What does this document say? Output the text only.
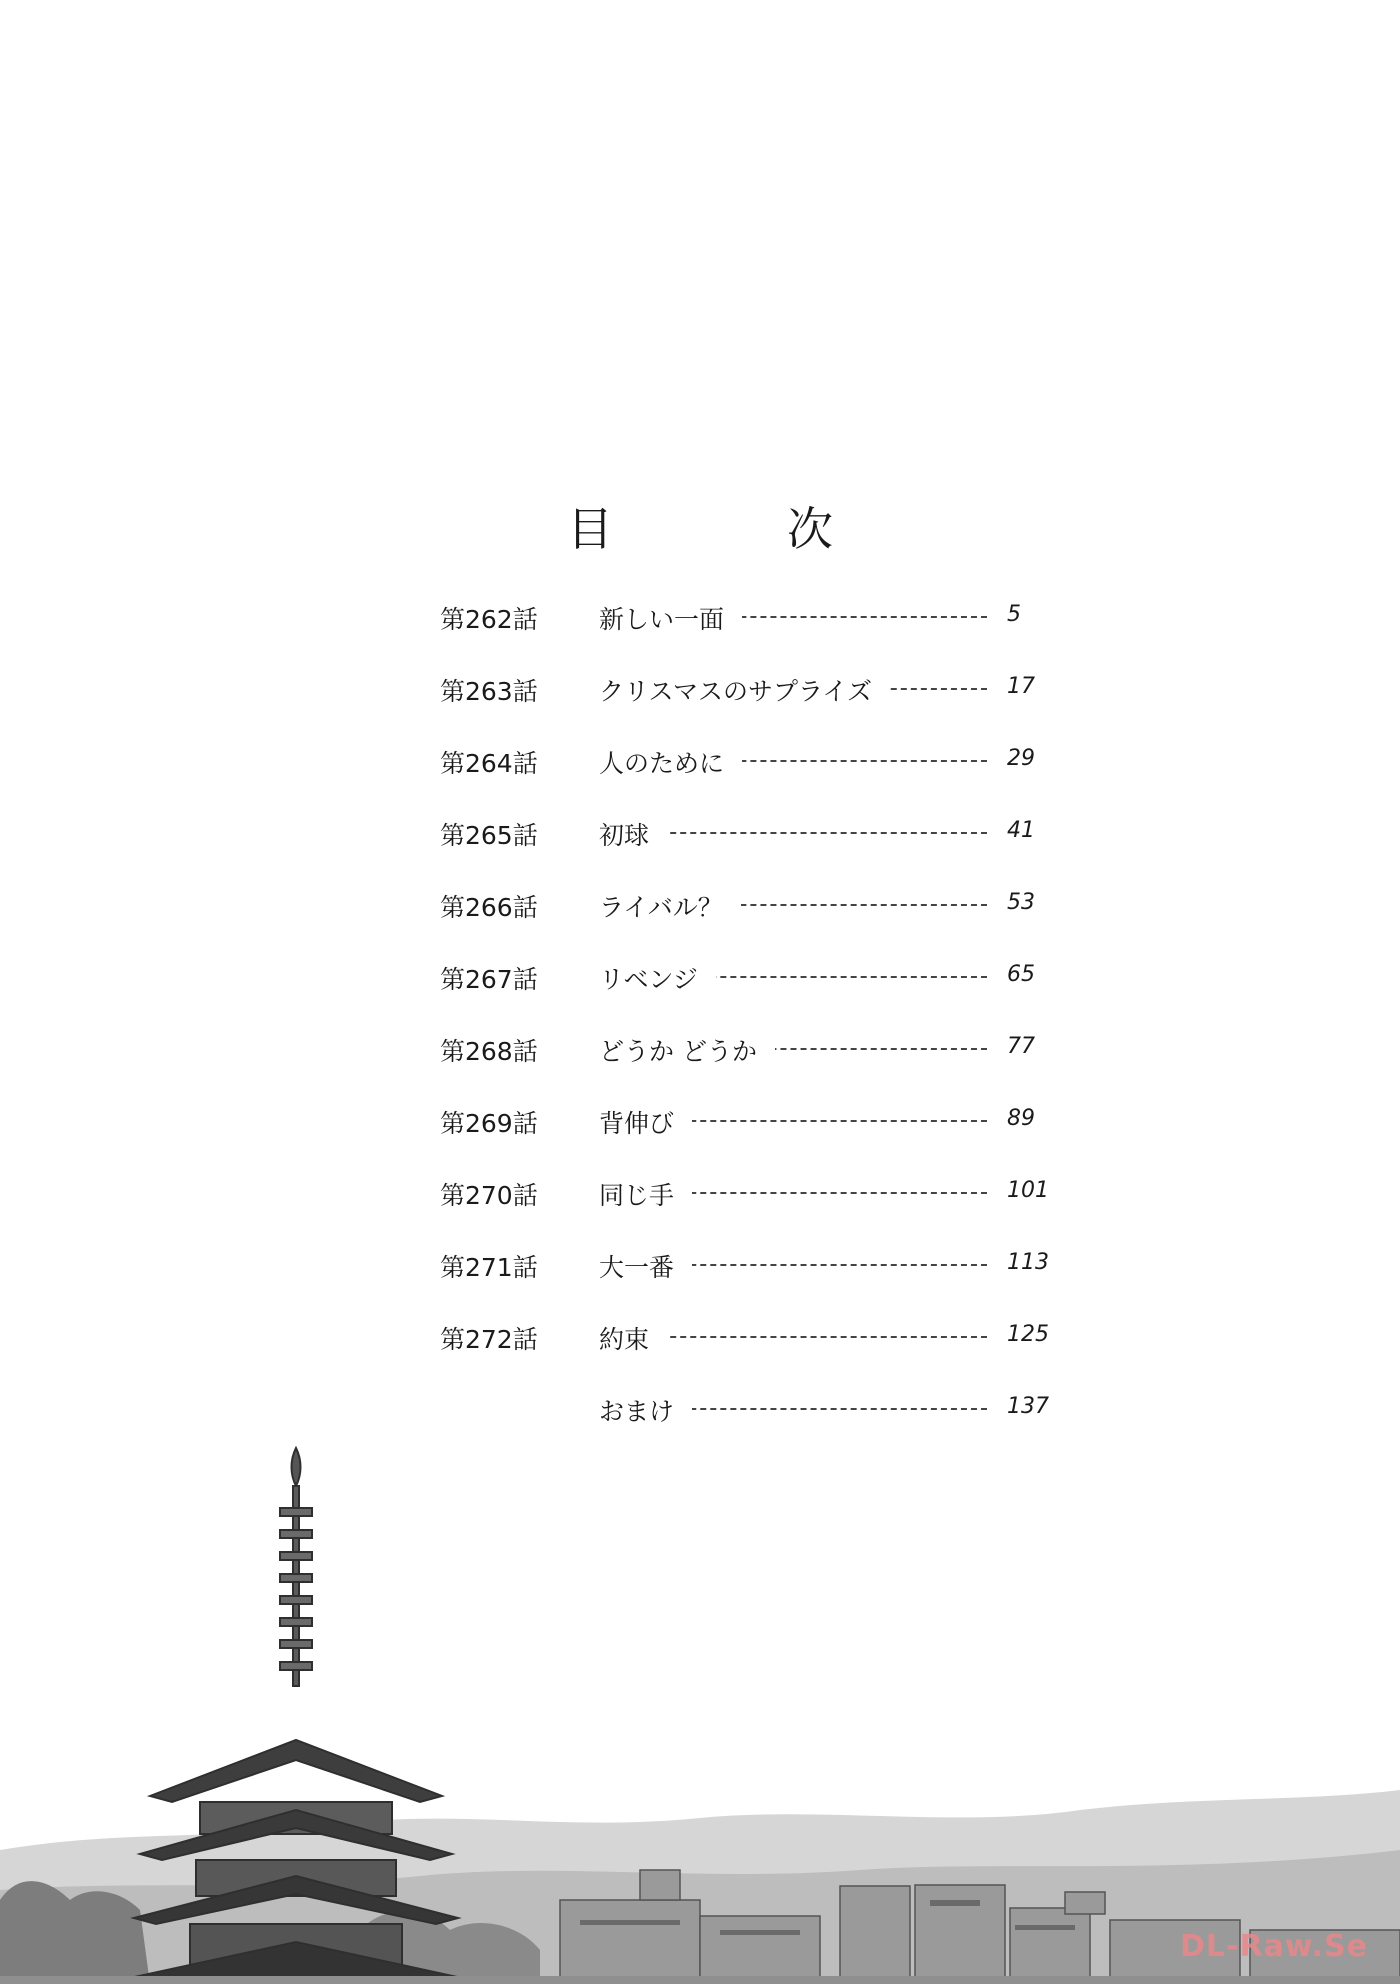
目　次
第262話 新しい一面	5
第263話 クリスマスのサプライズ	17
第264話 人のために	29
第265話 初球	41
第266話 ライバル？	53
第267話 リベンジ	65
第268話 どうか どうか	77
第269話 背伸び	89
第270話 同じ手	101
第271話 大一番	113
第272話 約束	125
おまけ	137
DL-Raw.Se
